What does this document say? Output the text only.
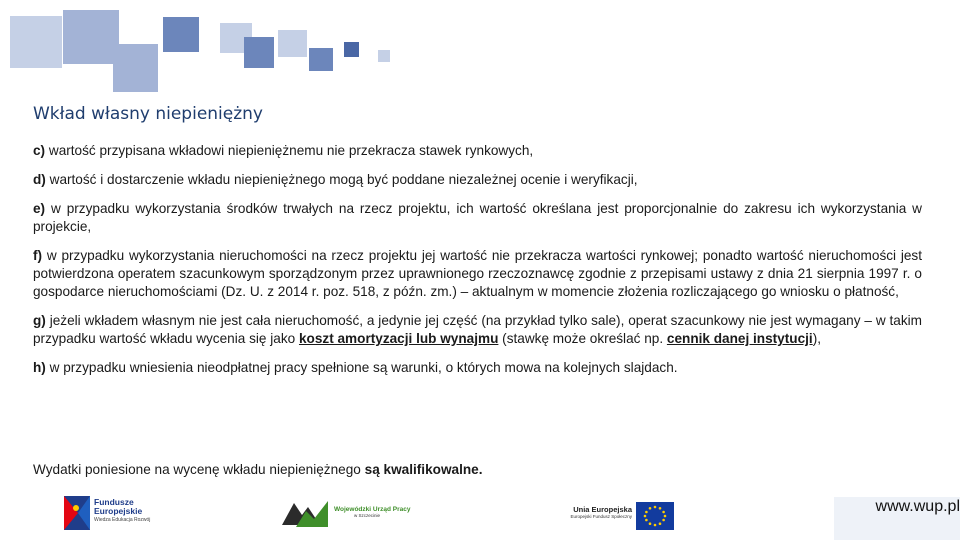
Wkład własny niepieniężny

c) wartość przypisana wkładowi niepieniężnemu nie przekracza stawek rynkowych,

d) wartość i dostarczenie wkładu niepieniężnego mogą być poddane niezależnej ocenie i weryfikacji,

e) w przypadku wykorzystania środków trwałych na rzecz projektu, ich wartość określana jest proporcjonalnie do zakresu ich wykorzystania w projekcie,

f) w przypadku wykorzystania nieruchomości na rzecz projektu jej wartość nie przekracza wartości rynkowej; ponadto wartość nieruchomości jest potwierdzona operatem szacunkowym sporządzonym przez uprawnionego rzeczoznawcę zgodnie z przepisami ustawy z dnia 21 sierpnia 1997 r. o gospodarce nieruchomościami (Dz. U. z 2014 r. poz. 518, z późn. zm.) – aktualnym w momencie złożenia rozliczającego go wniosku o płatność,

g) jeżeli wkładem własnym nie jest cała nieruchomość, a jedynie jej część (na przykład tylko sale), operat szacunkowy nie jest wymagany – w takim przypadku wartość wkładu wycenia się jako koszt amortyzacji lub wynajmu (stawkę może określać np. cennik danej instytucji),

h) w przypadku wniesienia nieodpłatnej pracy spełnione są warunki, o których mowa na kolejnych slajdach.

Wydatki poniesione na wycenę wkładu niepieniężnego są kwalifikowalne.

Fundusze
Europejskie
Wiedza Edukacja Rozwój
Wojewódzki Urząd Pracy
w Szczecinie
Unia Europejska
Europejski Fundusz Społeczny
www.wup.pl
